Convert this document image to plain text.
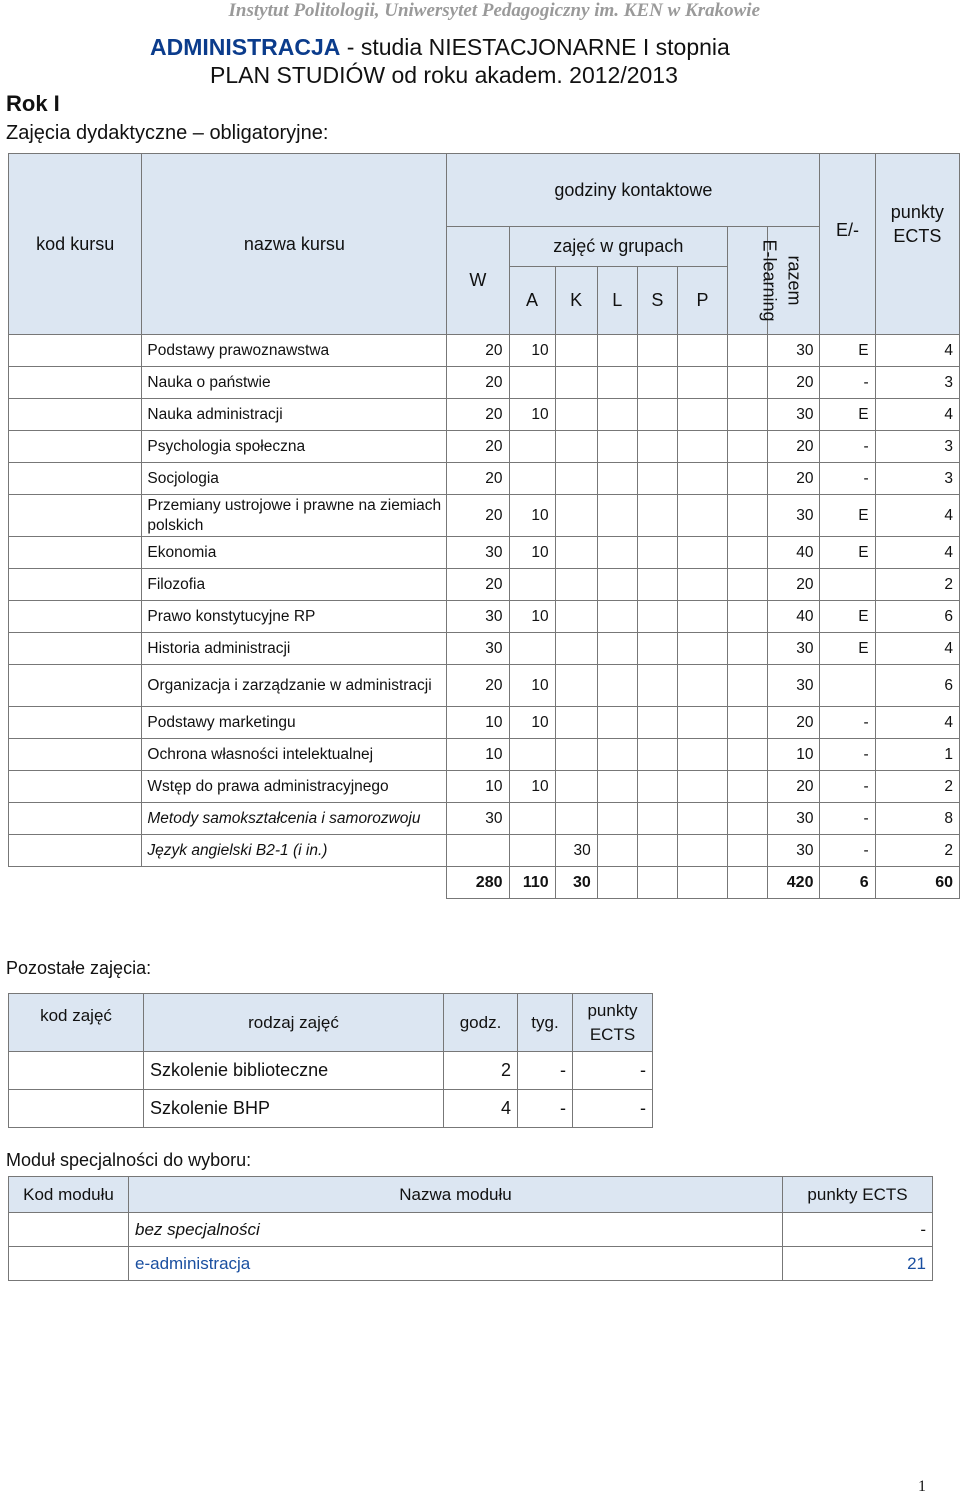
Instytut Politologii, Uniwersytet Pedagogiczny im. KEN w Krakowie
ADMINISTRACJA - studia NIESTACJONARNE I stopnia
PLAN STUDIÓW od roku akadem. 2012/2013
Rok I
Zajęcia dydaktyczne – obligatoryjne:
kod kursu	nazwa kursu	godziny kontaktowe								E/-	punkty ECTS
		W	zajęć w grupach					E-learning	razem		
			A	K	L	S	P				
	Podstawy prawoznawstwa	20	10						30	E	4
	Nauka o państwie	20							20	-	3
	Nauka administracji	20	10						30	E	4
	Psychologia społeczna	20							20	-	3
	Socjologia	20							20	-	3
	Przemiany ustrojowe i prawne na ziemiach polskich	20	10						30	E	4
	Ekonomia	30	10						40	E	4
	Filozofia	20							20		2
	Prawo konstytucyjne RP	30	10						40	E	6
	Historia administracji	30							30	E	4
	Organizacja i zarządzanie w administracji	20	10						30		6
	Podstawy marketingu	10	10						20	-	4
	Ochrona własności intelektualnej	10							10	-	1
	Wstęp do prawa administracyjnego	10	10						20	-	2
	Metody samokształcenia i samorozwoju	30							30	-	8
	Język angielski B2-1 (i in.)			30					30	-	2
		280	110	30					420	6	60
Pozostałe zajęcia:
kod zajęć	rodzaj zajęć	godz.	tyg.	punkty ECTS
	Szkolenie biblioteczne	2	-	-
	Szkolenie BHP	4	-	-
Moduł specjalności do wyboru:
Kod modułu	Nazwa modułu	punkty ECTS
	bez specjalności	-
	e-administracja	21
1
